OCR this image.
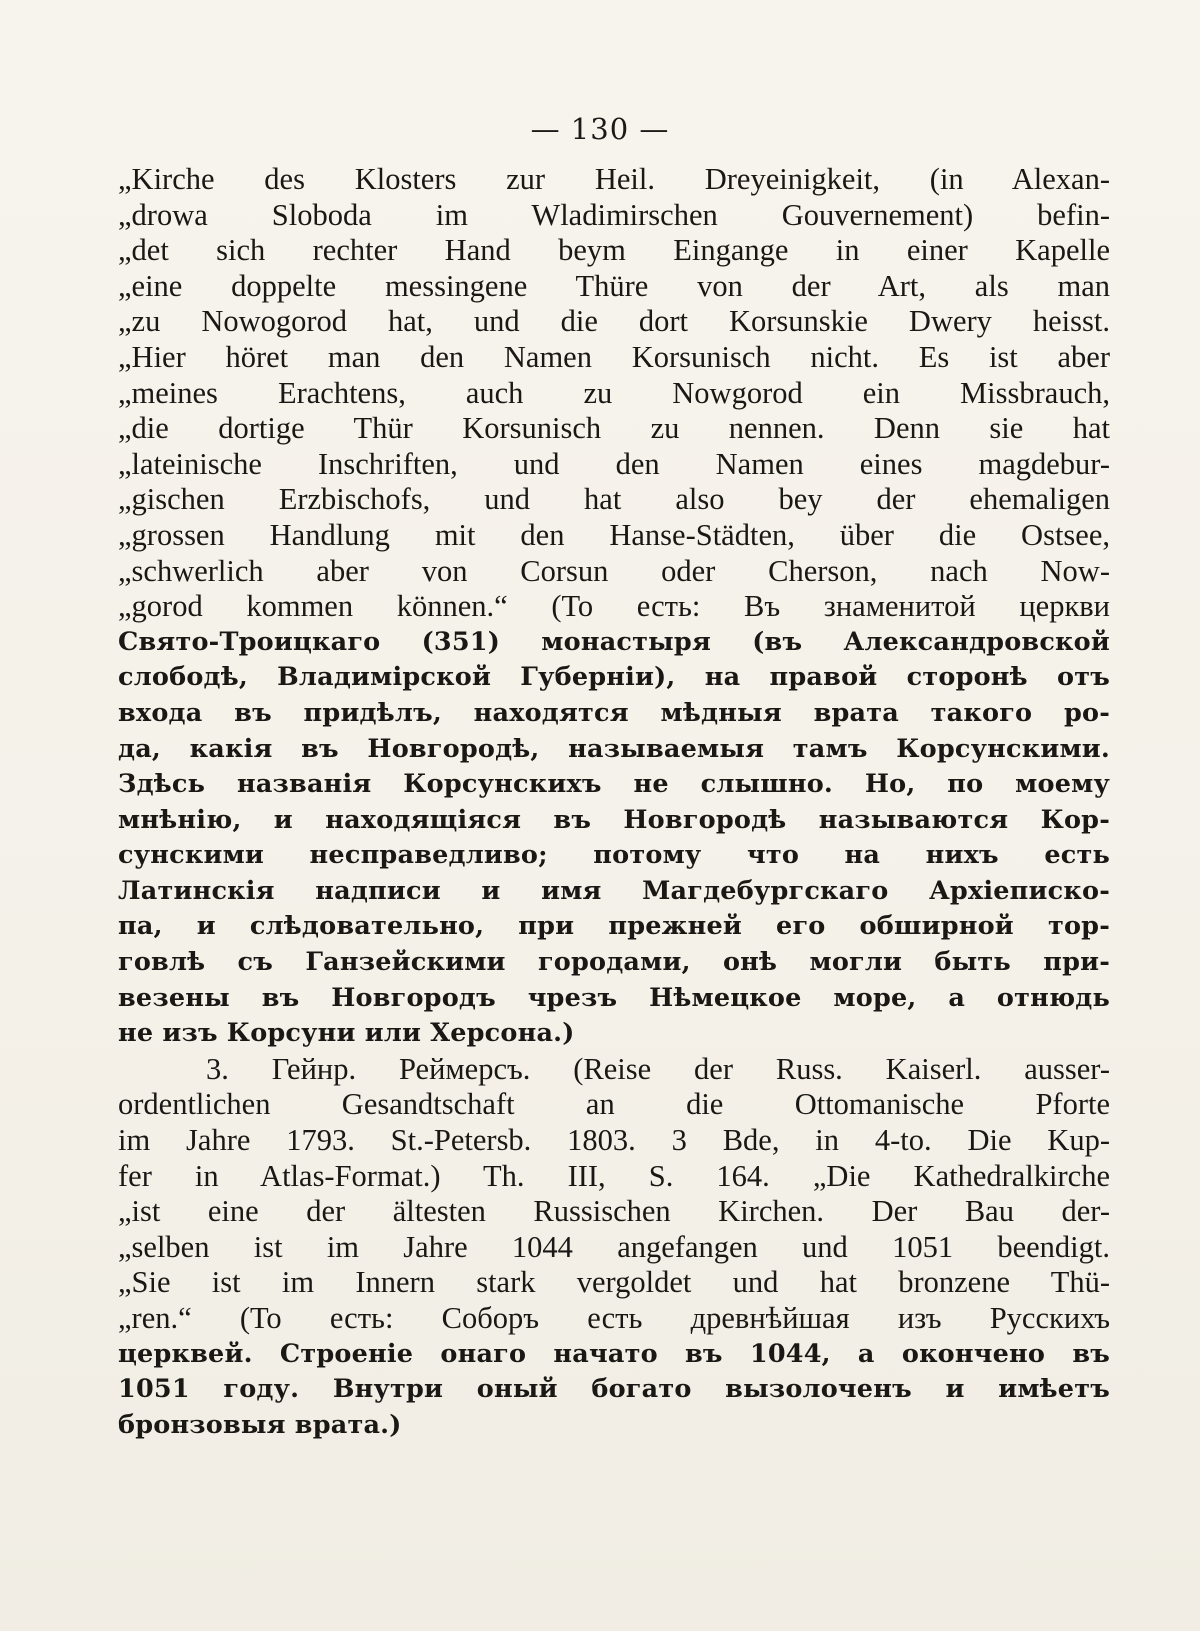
— 130 —
„Kirche des Klosters zur Heil. Dreyeinigkeit, (in Alexan-
„drowa Sloboda im Wladimirschen Gouvernement) befin-
„det sich rechter Hand beym Eingange in einer Kapelle
„eine doppelte messingene Thüre von der Art, als man
„zu Nowogorod hat, und die dort Korsunskie Dwery heisst.
„Hier höret man den Namen Korsunisch nicht. Es ist aber
„meines Erachtens, auch zu Nowgorod ein Missbrauch,
„die dortige Thür Korsunisch zu nennen. Denn sie hat
„lateinische Inschriften, und den Namen eines magdebur-
„gischen Erzbischofs, und hat also bey der ehemaligen
„grossen Handlung mit den Hanse-Städten, über die Ostsee,
„schwerlich aber von Corsun oder Cherson, nach Now-
„gorod kommen können.“ (То есть: Въ знаменитой церкви
Свято-Троицкаго (351) монастыря (въ Александровской
слободѣ, Владимірской Губерніи), на правой сторонѣ отъ
входа въ придѣлъ, находятся мѣдныя врата такого ро-
да, какія въ Новгородѣ, называемыя тамъ Корсунскими.
Здѣсь названія Корсунскихъ не слышно. Но, по моему
мнѣнію, и находящіяся въ Новгородѣ называются Кор-
сунскими несправедливо; потому что на нихъ есть
Латинскія надписи и имя Магдебургскаго Архіеписко-
па, и слѣдовательно, при прежней его обширной тор-
говлѣ съ Ганзейскими городами, онѣ могли быть при-
везены въ Новгородъ чрезъ Нѣмецкое море, а отнюдь
не изъ Корсуни или Херсона.)
3. Гейнр. Реймерсъ. (Reise der Russ. Kaiserl. ausser-
ordentlichen Gesandtschaft an die Ottomanische Pforte
im Jahre 1793. St.-Petersb. 1803. 3 Bde, in 4-to. Die Kup-
fer in Atlas-Format.) Th. III, S. 164. „Die Kathedralkirche
„ist eine der ältesten Russischen Kirchen. Der Bau der-
„selben ist im Jahre 1044 angefangen und 1051 beendigt.
„Sie ist im Innern stark vergoldet und hat bronzene Thü-
„ren.“ (То есть: Соборъ есть древнѣйшая изъ Русскихъ
церквей. Строеніе онаго начато въ 1044, а окончено въ
1051 году. Внутри оный богато вызолоченъ и имѣетъ
бронзовыя врата.)
